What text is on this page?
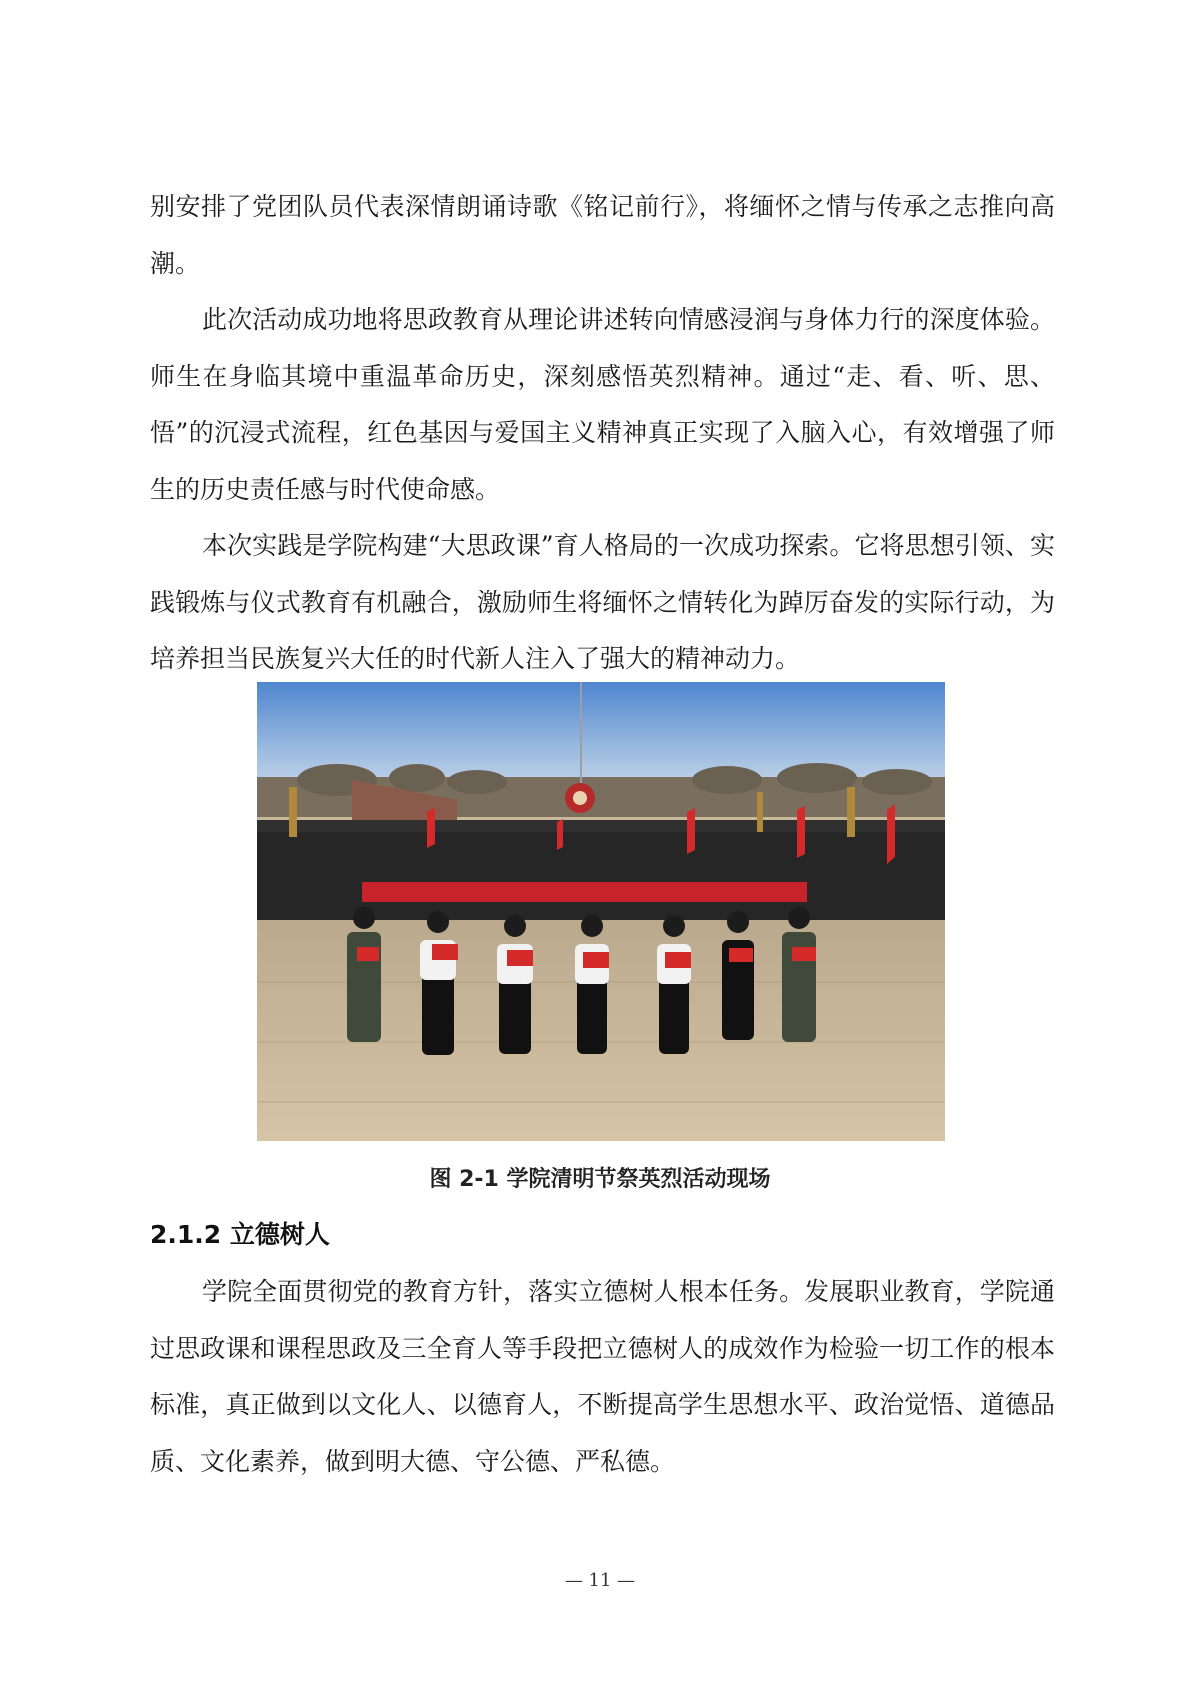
别安排了党团队员代表深情朗诵诗歌《铭记前行》，将缅怀之情与传承之志推向高潮。

此次活动成功地将思政教育从理论讲述转向情感浸润与身体力行的深度体验。师生在身临其境中重温革命历史，深刻感悟英烈精神。通过“走、看、听、思、悟”的沉浸式流程，红色基因与爱国主义精神真正实现了入脑入心，有效增强了师生的历史责任感与时代使命感。

本次实践是学院构建“大思政课”育人格局的一次成功探索。它将思想引领、实践锻炼与仪式教育有机融合，激励师生将缅怀之情转化为踔厉奋发的实际行动，为培养担当民族复兴大任的时代新人注入了强大的精神动力。

图 2-1 学院清明节祭英烈活动现场
2.1.2 立德树人

学院全面贯彻党的教育方针，落实立德树人根本任务。发展职业教育，学院通过思政课和课程思政及三全育人等手段把立德树人的成效作为检验一切工作的根本标准，真正做到以文化人、以德育人，不断提高学生思想水平、政治觉悟、道德品质、文化素养，做到明大德、守公德、严私德。

— 11 —
